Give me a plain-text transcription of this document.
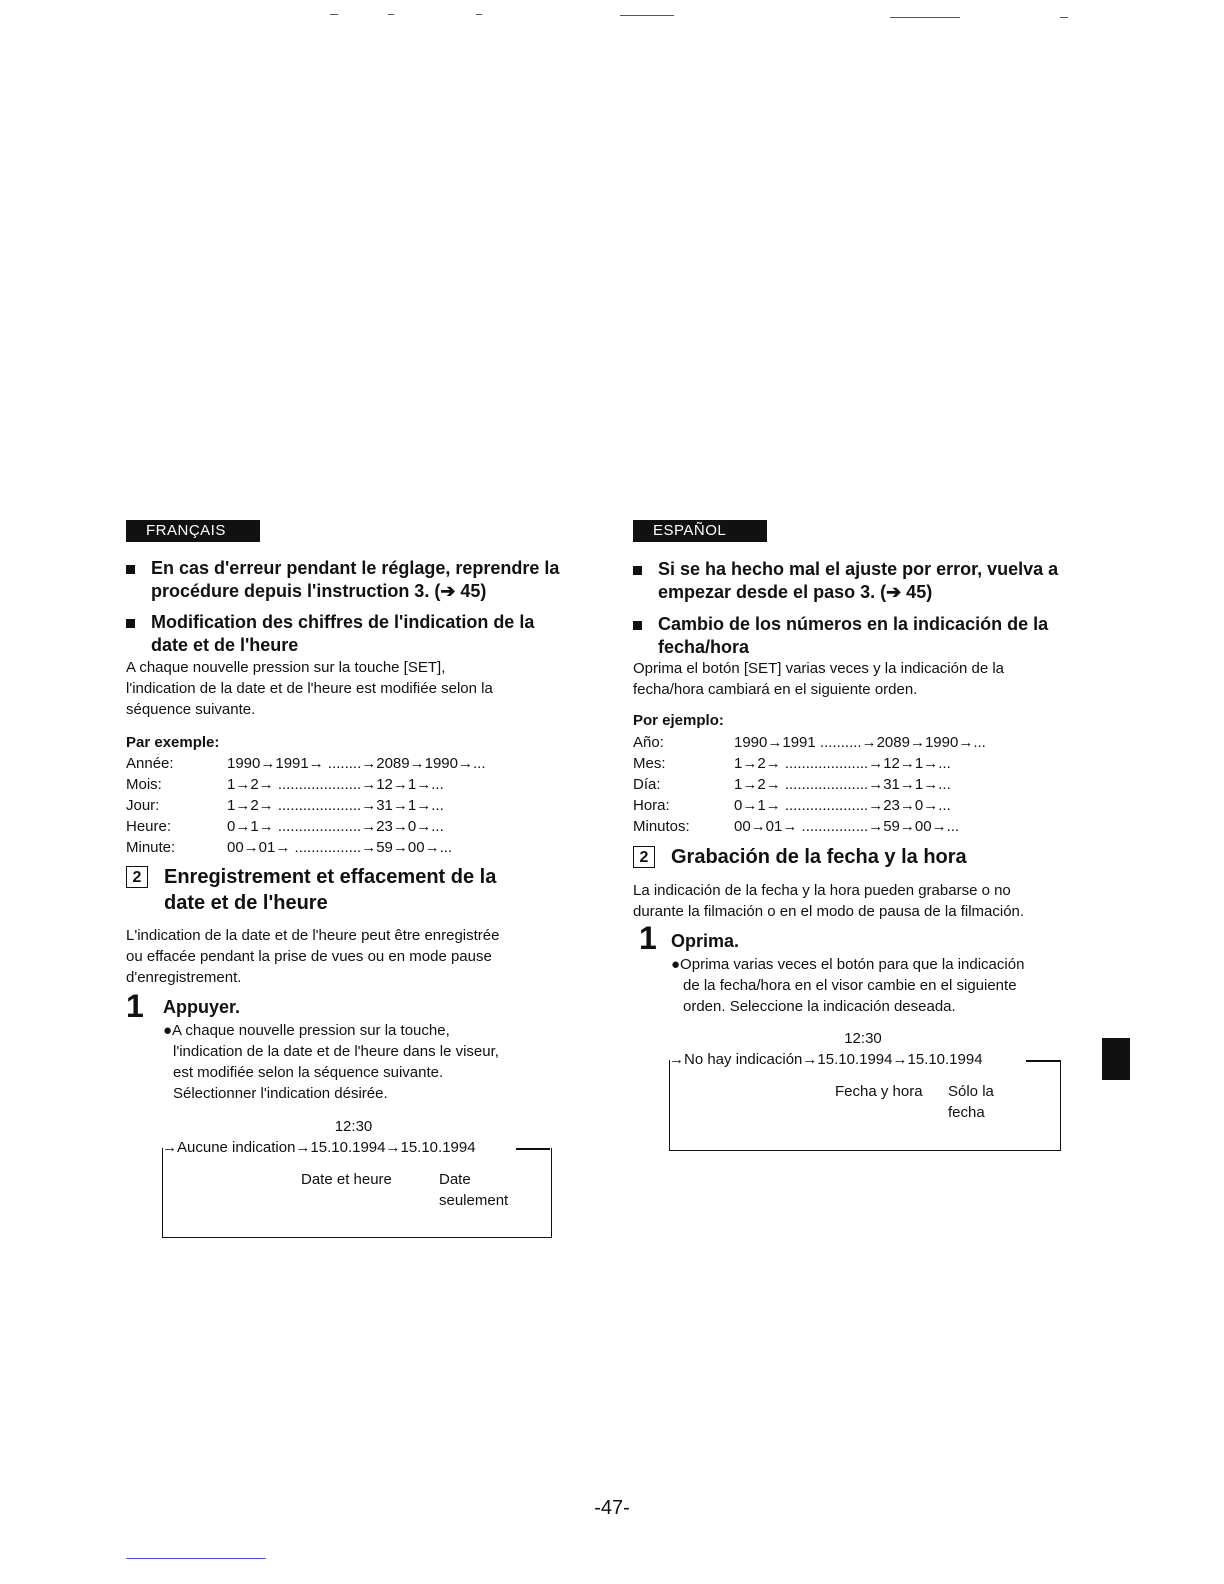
FRANÇAIS
En cas d'erreur pendant le réglage, reprendre la procédure depuis l'instruction 3. (➔ 45)
Modification des chiffres de l'indication de la date et de l'heure
A chaque nouvelle pression sur la touche [SET],
l'indication de la date et de l'heure est modifiée selon la
séquence suivante.
Par exemple:
Année:	1990→1991→ ........→2089→1990→...
Mois:	1→2→ ....................→12→1→...
Jour:	1→2→ ....................→31→1→...
Heure:	0→1→ ....................→23→0→...
Minute:	00→01→ ................→59→00→...
2	Enregistrement et effacement de la
date et de l'heure
L'indication de la date et de l'heure peut être enregistrée
ou effacée pendant la prise de vues ou en mode pause
d'enregistrement.
1 Appuyer.
●A chaque nouvelle pression sur la touche,
l'indication de la date et de l'heure dans le viseur,
est modifiée selon la séquence suivante.
Sélectionner l'indication désirée.
12:30
→Aucune indication→15.10.1994→15.10.1994
Date et heure	Date
seulement
ESPAÑOL
Si se ha hecho mal el ajuste por error, vuelva a empezar desde el paso 3. (➔ 45)
Cambio de los números en la indicación de la fecha/hora
Oprima el botón [SET] varias veces y la indicación de la
fecha/hora cambiará en el siguiente orden.
Por ejemplo:
Año:	1990→1991 ..........→2089→1990→...
Mes:	1→2→ ....................→12→1→...
Día:	1→2→ ....................→31→1→...
Hora:	0→1→ ....................→23→0→...
Minutos:	00→01→ ................→59→00→...
2	Grabación de la fecha y la hora
La indicación de la fecha y la hora pueden grabarse o no
durante la filmación o en el modo de pausa de la filmación.
1 Oprima.
●Oprima varias veces el botón para que la indicación
de la fecha/hora en el visor cambie en el siguiente
orden. Seleccione la indicación deseada.
12:30
→No hay indicación→15.10.1994→15.10.1994
Fecha y hora Sólo la
fecha
-47-
